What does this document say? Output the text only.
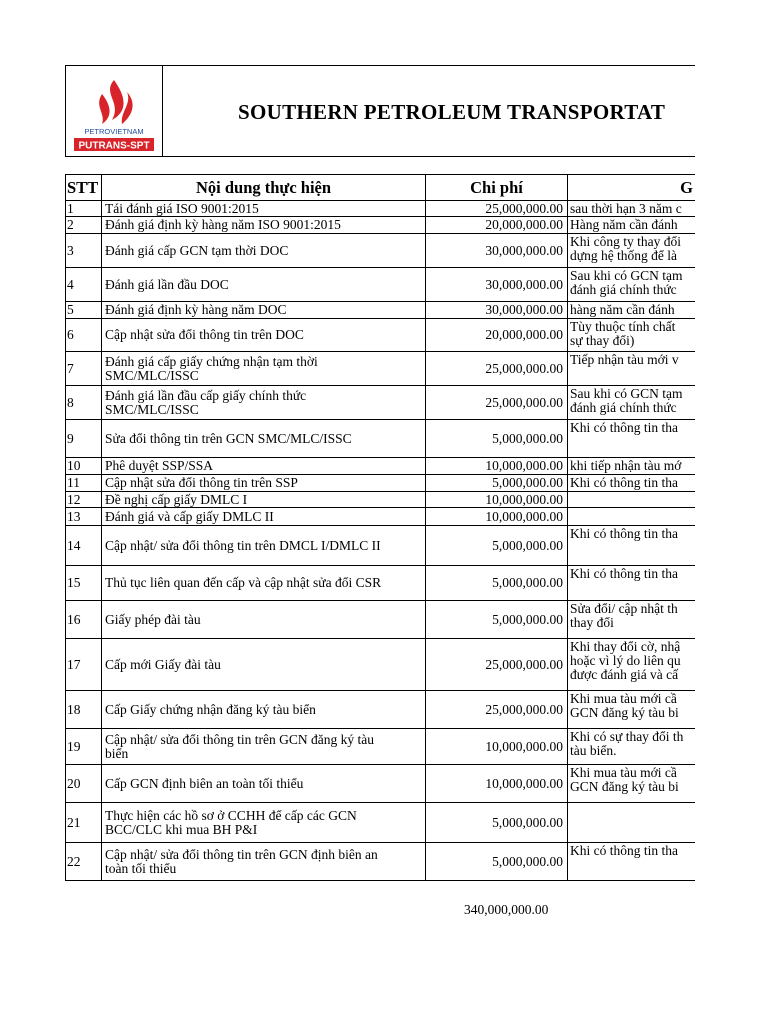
PETROVIETNAM
PUTRANS-SPT
SOUTHERN PETROLEUM TRANSPORTAT
STT	Nội dung thực hiện	Chi phí	G
1	Tái đánh giá ISO 9001:2015	25,000,000.00	sau thời hạn 3 năm c
2	Đánh giá định kỳ hàng năm ISO 9001:2015	20,000,000.00	Hàng năm cần đánh
3	Đánh giá cấp GCN tạm thời DOC	30,000,000.00	Khi công ty thay đổi
dựng hệ thống để là
4	Đánh giá lần đầu DOC	30,000,000.00	Sau khi có GCN tạm
đánh giá chính thức
5	Đánh giá định kỳ hàng năm DOC	30,000,000.00	hàng năm cần đánh
6	Cập nhật sửa đổi thông tin trên DOC	20,000,000.00	Tùy thuộc tính chất
sự thay đổi)
7	Đánh giá cấp giấy chứng nhận tạm thời
SMC/MLC/ISSC	25,000,000.00	Tiếp nhận tàu mới v
8	Đánh giá lần đầu cấp giấy chính thức
SMC/MLC/ISSC	25,000,000.00	Sau khi có GCN tạm
đánh giá chính thức
9	Sửa đổi thông tin trên GCN SMC/MLC/ISSC	5,000,000.00	Khi có thông tin tha
10	Phê duyệt SSP/SSA	10,000,000.00	khi tiếp nhận tàu mớ
11	Cập nhật sửa đổi thông tin trên SSP	5,000,000.00	Khi có thông tin tha
12	Đề nghị cấp giấy DMLC I	10,000,000.00	
13	Đánh giá và cấp giấy DMLC II	10,000,000.00	
14	Cập nhật/ sửa đổi thông tin trên DMCL I/DMLC II	5,000,000.00	Khi có thông tin tha
15	Thủ tục liên quan đến cấp và cập nhật sửa đổi CSR	5,000,000.00	Khi có thông tin tha
16	Giấy phép đài tàu	5,000,000.00	Sửa đổi/ cập nhật th
thay đổi
17	Cấp mới Giấy đài tàu	25,000,000.00	Khi thay đổi cờ, nhậ
hoặc vì lý do liên qu
được đánh giá và cấ
18	Cấp Giấy chứng nhận đăng ký tàu biển	25,000,000.00	Khi mua tàu mới cầ
GCN đăng ký tàu bi
19	Cập nhật/ sửa đổi thông tin trên GCN đăng ký tàu
biển	10,000,000.00	Khi có sự thay đổi th
tàu biển.
20	Cấp GCN định biên an toàn tối thiểu	10,000,000.00	Khi mua tàu mới cầ
GCN đăng ký tàu bi
21	Thực hiện các hồ sơ ở CCHH để cấp các GCN
BCC/CLC khi mua BH P&I	5,000,000.00	
22	Cập nhật/ sửa đổi thông tin trên GCN định biên an
toàn tối thiểu	5,000,000.00	Khi có thông tin tha
340,000,000.00
